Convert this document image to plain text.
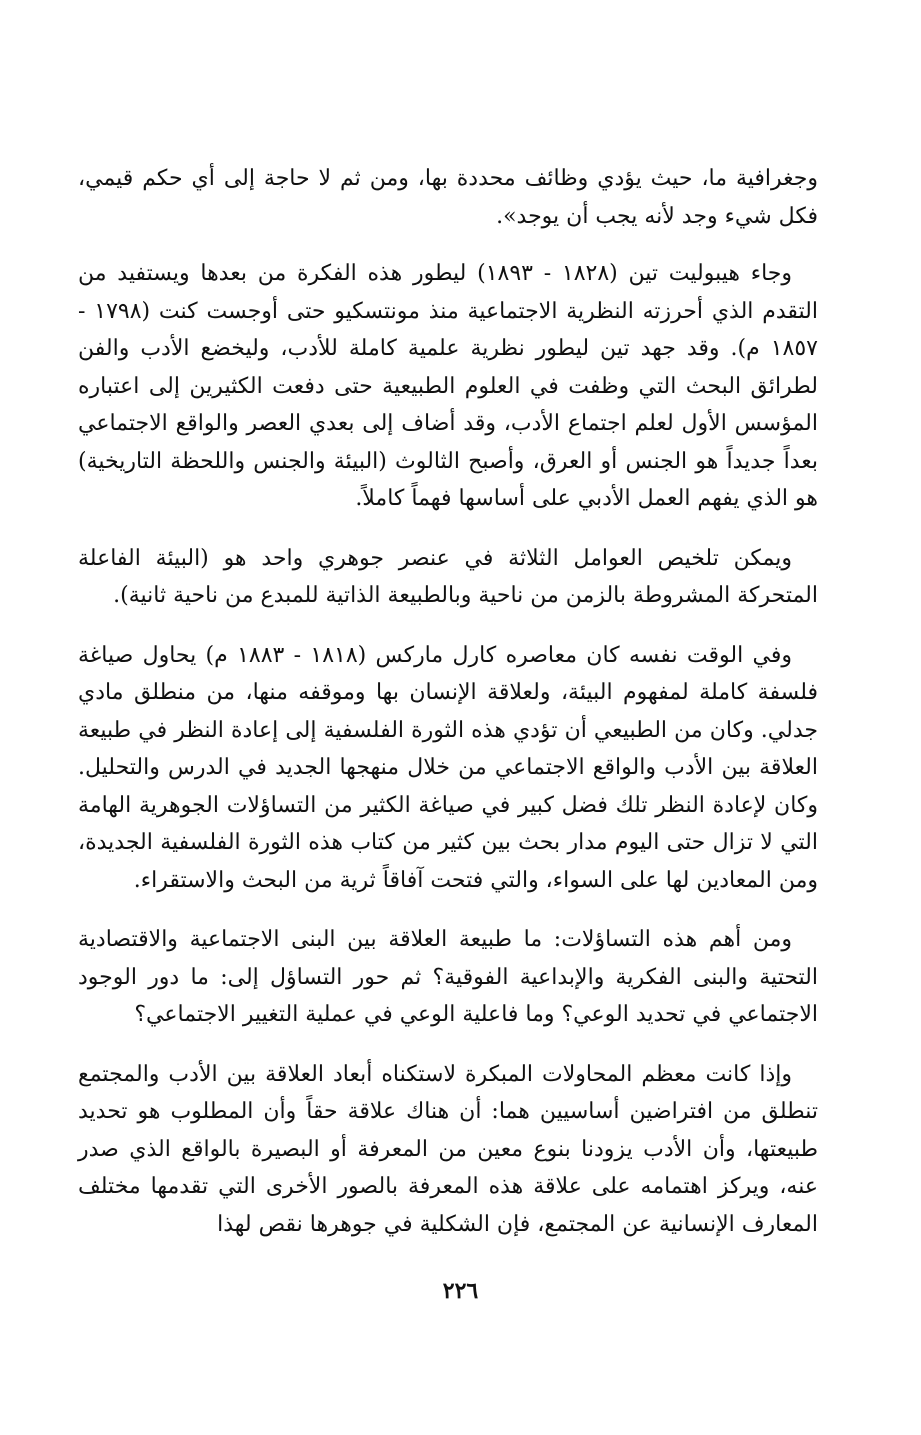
وجغرافية ما، حيث يؤدي وظائف محددة بها، ومن ثم لا حاجة إلى أي حكم قيمي، فكل شيء وجد لأنه يجب أن يوجد».

وجاء هيبوليت تين (١٨٢٨ - ١٨٩٣) ليطور هذه الفكرة من بعدها ويستفيد من التقدم الذي أحرزته النظرية الاجتماعية منذ مونتسكيو حتى أوجست كنت (١٧٩٨ - ١٨٥٧ م). وقد جهد تين ليطور نظرية علمية كاملة للأدب، وليخضع الأدب والفن لطرائق البحث التي وظفت في العلوم الطبيعية حتى دفعت الكثيرين إلى اعتباره المؤسس الأول لعلم اجتماع الأدب، وقد أضاف إلى بعدي العصر والواقع الاجتماعي بعداً جديداً هو الجنس أو العرق، وأصبح الثالوث (البيئة والجنس واللحظة التاريخية) هو الذي يفهم العمل الأدبي على أساسها فهماً كاملاً.

ويمكن تلخيص العوامل الثلاثة في عنصر جوهري واحد هو (البيئة الفاعلة المتحركة المشروطة بالزمن من ناحية وبالطبيعة الذاتية للمبدع من ناحية ثانية).

وفي الوقت نفسه كان معاصره كارل ماركس (١٨١٨ - ١٨٨٣ م) يحاول صياغة فلسفة كاملة لمفهوم البيئة، ولعلاقة الإنسان بها وموقفه منها، من منطلق مادي جدلي. وكان من الطبيعي أن تؤدي هذه الثورة الفلسفية إلى إعادة النظر في طبيعة العلاقة بين الأدب والواقع الاجتماعي من خلال منهجها الجديد في الدرس والتحليل. وكان لإعادة النظر تلك فضل كبير في صياغة الكثير من التساؤلات الجوهرية الهامة التي لا تزال حتى اليوم مدار بحث بين كثير من كتاب هذه الثورة الفلسفية الجديدة، ومن المعادين لها على السواء، والتي فتحت آفاقاً ثرية من البحث والاستقراء.

ومن أهم هذه التساؤلات: ما طبيعة العلاقة بين البنى الاجتماعية والاقتصادية التحتية والبنى الفكرية والإبداعية الفوقية؟ ثم حور التساؤل إلى: ما دور الوجود الاجتماعي في تحديد الوعي؟ وما فاعلية الوعي في عملية التغيير الاجتماعي؟

وإذا كانت معظم المحاولات المبكرة لاستكناه أبعاد العلاقة بين الأدب والمجتمع تنطلق من افتراضين أساسيين هما: أن هناك علاقة حقاً وأن المطلوب هو تحديد طبيعتها، وأن الأدب يزودنا بنوع معين من المعرفة أو البصيرة بالواقع الذي صدر عنه، ويركز اهتمامه على علاقة هذه المعرفة بالصور الأخرى التي تقدمها مختلف المعارف الإنسانية عن المجتمع، فإن الشكلية في جوهرها نقص لهذا

٢٢٦
